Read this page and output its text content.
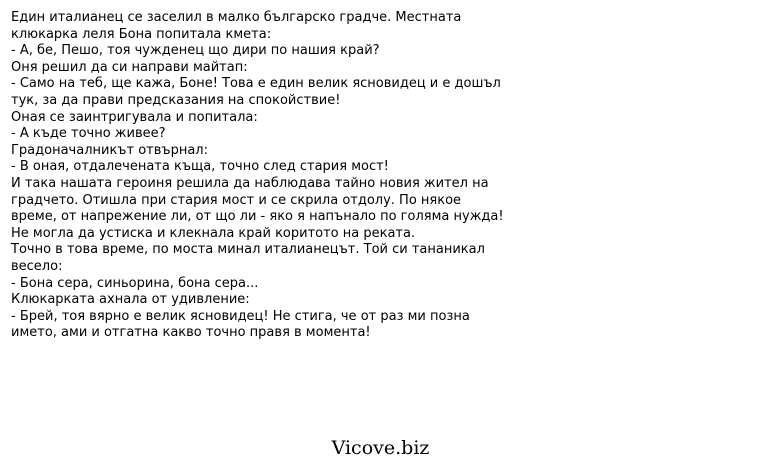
Един италианец се заселил в малко българско градче. Местната
клюкарка леля Бона попитала кмета:
- А, бе, Пешо, тоя чужденец що дири по нашия край?
Оня решил да си направи майтап:
- Само на теб, ще кажа, Боне! Това е един велик ясновидец и е дошъл
тук, за да прави предсказания на спокойствие!
Оная се заинтригувала и попитала:
- А къде точно живее?
Градоначалникът отвърнал:
- В оная, отдалечената къща, точно след стария мост!
И така нашата героиня решила да наблюдава тайно новия жител на
градчето. Отишла при стария мост и се скрила отдолу. По някое
време, от напрежение ли, от що ли - яко я напънало по голяма нужда!
Не могла да устиска и клекнала край коритото на реката.
Точно в това време, по моста минал италианецът. Той си тананикал
весело:
- Бона сера, синьорина, бона сера...
Клюкарката ахнала от удивление:
- Брей, тоя вярно е велик ясновидец! Не стига, че от раз ми позна
името, ами и отгатна какво точно правя в момента!
Vicove.biz
